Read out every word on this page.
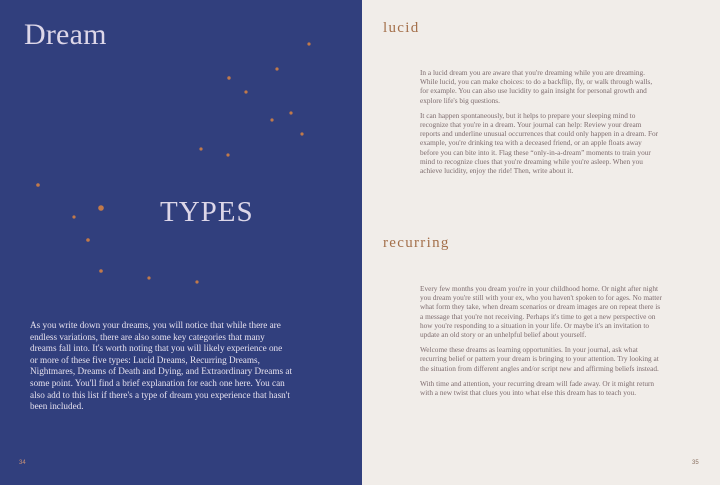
Dream
TYPES

As you write down your dreams, you will notice that while there are endless variations, there are also some key categories that many dreams fall into. It's worth noting that you will likely experience one or more of these five types: Lucid Dreams, Recurring Dreams, Nightmares, Dreams of Death and Dying, and Extraordinary Dreams at some point. You'll find a brief explanation for each one here. You can also add to this list if there's a type of dream you experience that hasn't been included.

34
lucid

In a lucid dream you are aware that you're dreaming while you are dreaming. While lucid, you can make choices: to do a backflip, fly, or walk through walls, for example. You can also use lucidity to gain insight for personal growth and explore life's big questions.

It can happen spontaneously, but it helps to prepare your sleeping mind to recognize that you're in a dream. Your journal can help: Review your dream reports and underline unusual occurrences that could only happen in a dream. For example, you're drinking tea with a deceased friend, or an apple floats away before you can bite into it. Flag these “only-in-a-dream” moments to train your mind to recognize clues that you're dreaming while you're asleep. When you achieve lucidity, enjoy the ride! Then, write about it.

recurring

Every few months you dream you're in your childhood home. Or night after night you dream you're still with your ex, who you haven't spoken to for ages. No matter what form they take, when dream scenarios or dream images are on repeat there is a message that you're not receiving. Perhaps it's time to get a new perspective on how you're responding to a situation in your life. Or maybe it's an invitation to update an old story or an unhelpful belief about yourself.

Welcome these dreams as learning opportunities. In your journal, ask what recurring belief or pattern your dream is bringing to your attention. Try looking at the situation from different angles and/or script new and affirming beliefs instead.

With time and attention, your recurring dream will fade away. Or it might return with a new twist that clues you into what else this dream has to teach you.

35
